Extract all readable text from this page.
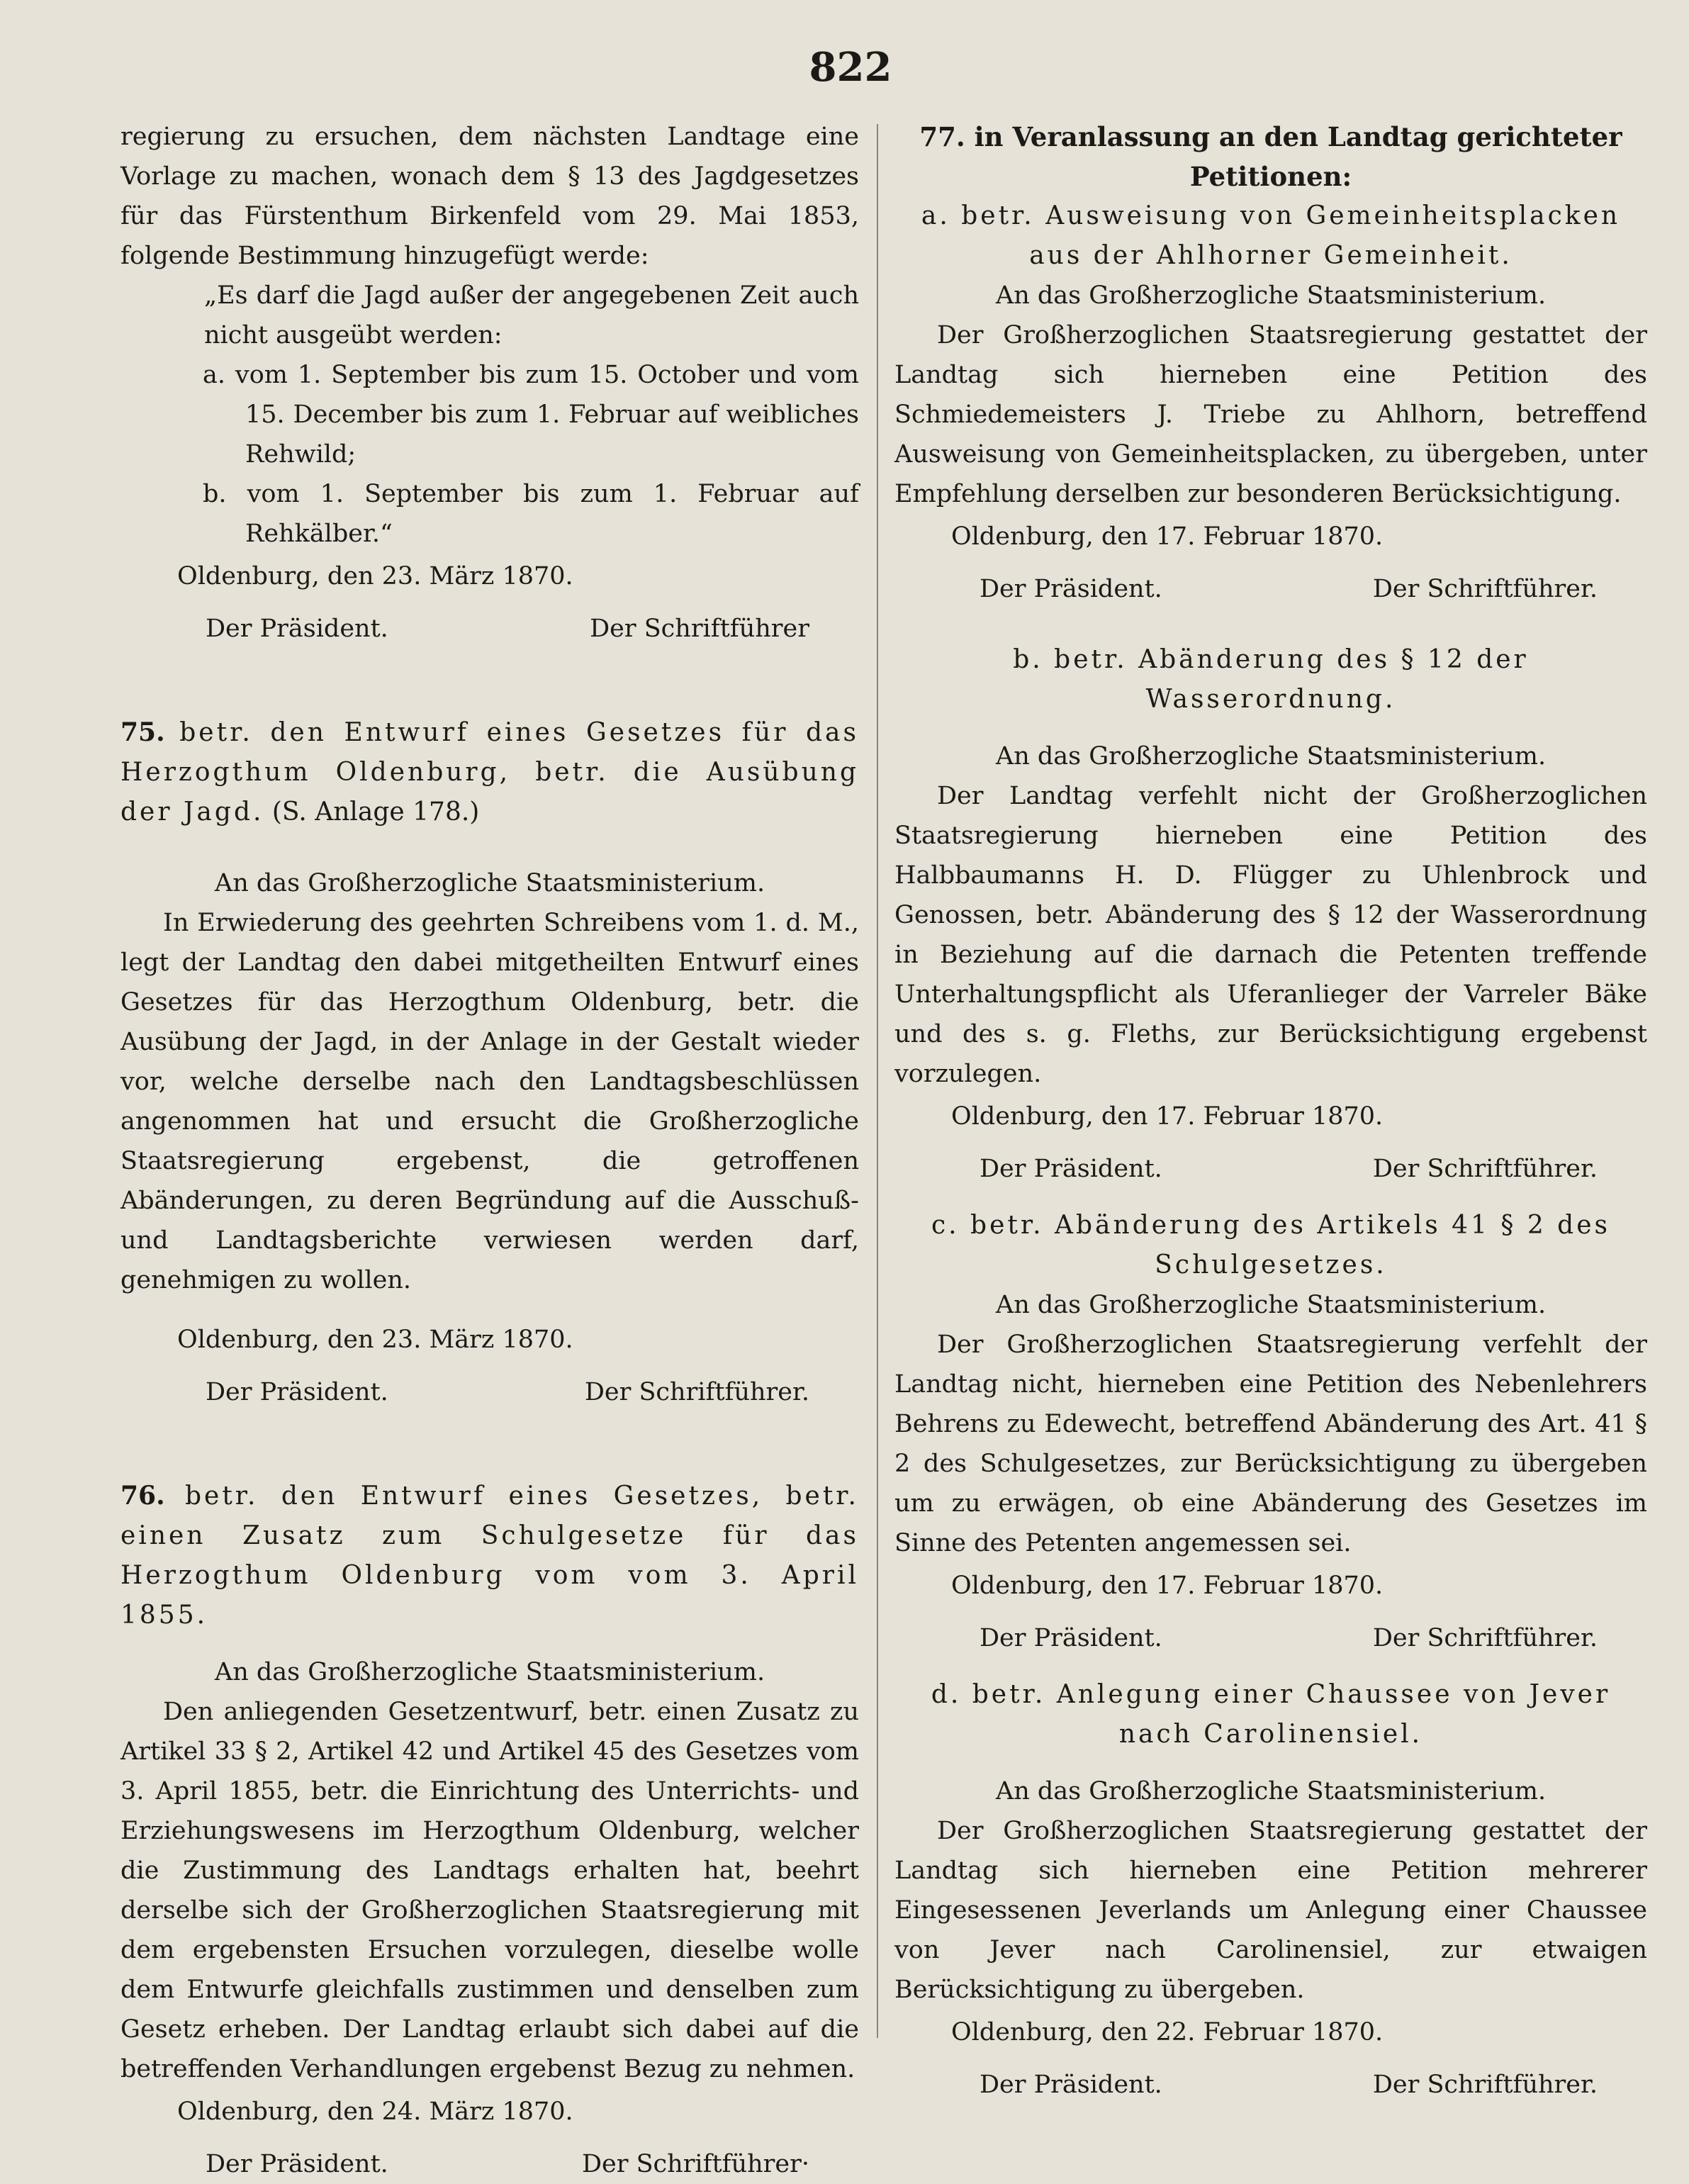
822

regierung zu ersuchen, dem nächsten Landtage eine Vorlage zu machen, wonach dem § 13 des Jagdgesetzes für das Fürstenthum Birkenfeld vom 29. Mai 1853, folgende Bestimmung hinzugefügt werde:

„Es darf die Jagd außer der angegebenen Zeit auch nicht ausgeübt werden:

a. vom 1. September bis zum 15. October und vom 15. December bis zum 1. Februar auf weibliches Rehwild;

b. vom 1. September bis zum 1. Februar auf Rehkälber.“

Oldenburg, den 23. März 1870.

Der Präsident.	Der Schriftführer

75. betr. den Entwurf eines Gesetzes für das Herzogthum Oldenburg, betr. die Ausübung der Jagd. (S. Anlage 178.)

An das Großherzogliche Staatsministerium.

In Erwiederung des geehrten Schreibens vom 1. d. M., legt der Landtag den dabei mitgetheilten Entwurf eines Gesetzes für das Herzogthum Oldenburg, betr. die Ausübung der Jagd, in der Anlage in der Gestalt wieder vor, welche derselbe nach den Landtagsbeschlüssen angenommen hat und ersucht die Großherzogliche Staatsregierung ergebenst, die getroffenen Abänderungen, zu deren Begründung auf die Ausschuß- und Landtagsberichte verwiesen werden darf, genehmigen zu wollen.

Oldenburg, den 23. März 1870.

Der Präsident.	Der Schriftführer.

76. betr. den Entwurf eines Gesetzes, betr. einen Zusatz zum Schulgesetze für das Herzogthum Oldenburg vom vom 3. April 1855.

An das Großherzogliche Staatsministerium.

Den anliegenden Gesetzentwurf, betr. einen Zusatz zu Artikel 33 § 2, Artikel 42 und Artikel 45 des Gesetzes vom 3. April 1855, betr. die Einrichtung des Unterrichts- und Erziehungswesens im Herzogthum Oldenburg, welcher die Zustimmung des Landtags erhalten hat, beehrt derselbe sich der Großherzoglichen Staatsregierung mit dem ergebensten Ersuchen vorzulegen, dieselbe wolle dem Entwurfe gleichfalls zustimmen und denselben zum Gesetz erheben. Der Landtag erlaubt sich dabei auf die betreffenden Verhandlungen ergebenst Bezug zu nehmen.

Oldenburg, den 24. März 1870.

Der Präsident.	Der Schriftführer·

77. in Veranlassung an den Landtag gerichteter Petitionen:

a. betr. Ausweisung von Gemeinheitsplacken aus der Ahlhorner Gemeinheit.

An das Großherzogliche Staatsministerium.

Der Großherzoglichen Staatsregierung gestattet der Landtag sich hierneben eine Petition des Schmiedemeisters J. Triebe zu Ahlhorn, betreffend Ausweisung von Gemeinheitsplacken, zu übergeben, unter Empfehlung derselben zur besonderen Berücksichtigung.

Oldenburg, den 17. Februar 1870.

Der Präsident.	Der Schriftführer.

b. betr. Abänderung des § 12 der Wasserordnung.

An das Großherzogliche Staatsministerium.

Der Landtag verfehlt nicht der Großherzoglichen Staatsregierung hierneben eine Petition des Halbbaumanns H. D. Flügger zu Uhlenbrock und Genossen, betr. Abänderung des § 12 der Wasserordnung in Beziehung auf die darnach die Petenten treffende Unterhaltungspflicht als Uferanlieger der Varreler Bäke und des s. g. Fleths, zur Berücksichtigung ergebenst vorzulegen.

Oldenburg, den 17. Februar 1870.

Der Präsident.	Der Schriftführer.

c. betr. Abänderung des Artikels 41 § 2 des Schulgesetzes.

An das Großherzogliche Staatsministerium.

Der Großherzoglichen Staatsregierung verfehlt der Landtag nicht, hierneben eine Petition des Nebenlehrers Behrens zu Edewecht, betreffend Abänderung des Art. 41 § 2 des Schulgesetzes, zur Berücksichtigung zu übergeben um zu erwägen, ob eine Abänderung des Gesetzes im Sinne des Petenten angemessen sei.

Oldenburg, den 17. Februar 1870.

Der Präsident.	Der Schriftführer.

d. betr. Anlegung einer Chaussee von Jever nach Carolinensiel.

An das Großherzogliche Staatsministerium.

Der Großherzoglichen Staatsregierung gestattet der Landtag sich hierneben eine Petition mehrerer Eingesessenen Jeverlands um Anlegung einer Chaussee von Jever nach Carolinensiel, zur etwaigen Berücksichtigung zu übergeben.

Oldenburg, den 22. Februar 1870.

Der Präsident.	Der Schriftführer.
